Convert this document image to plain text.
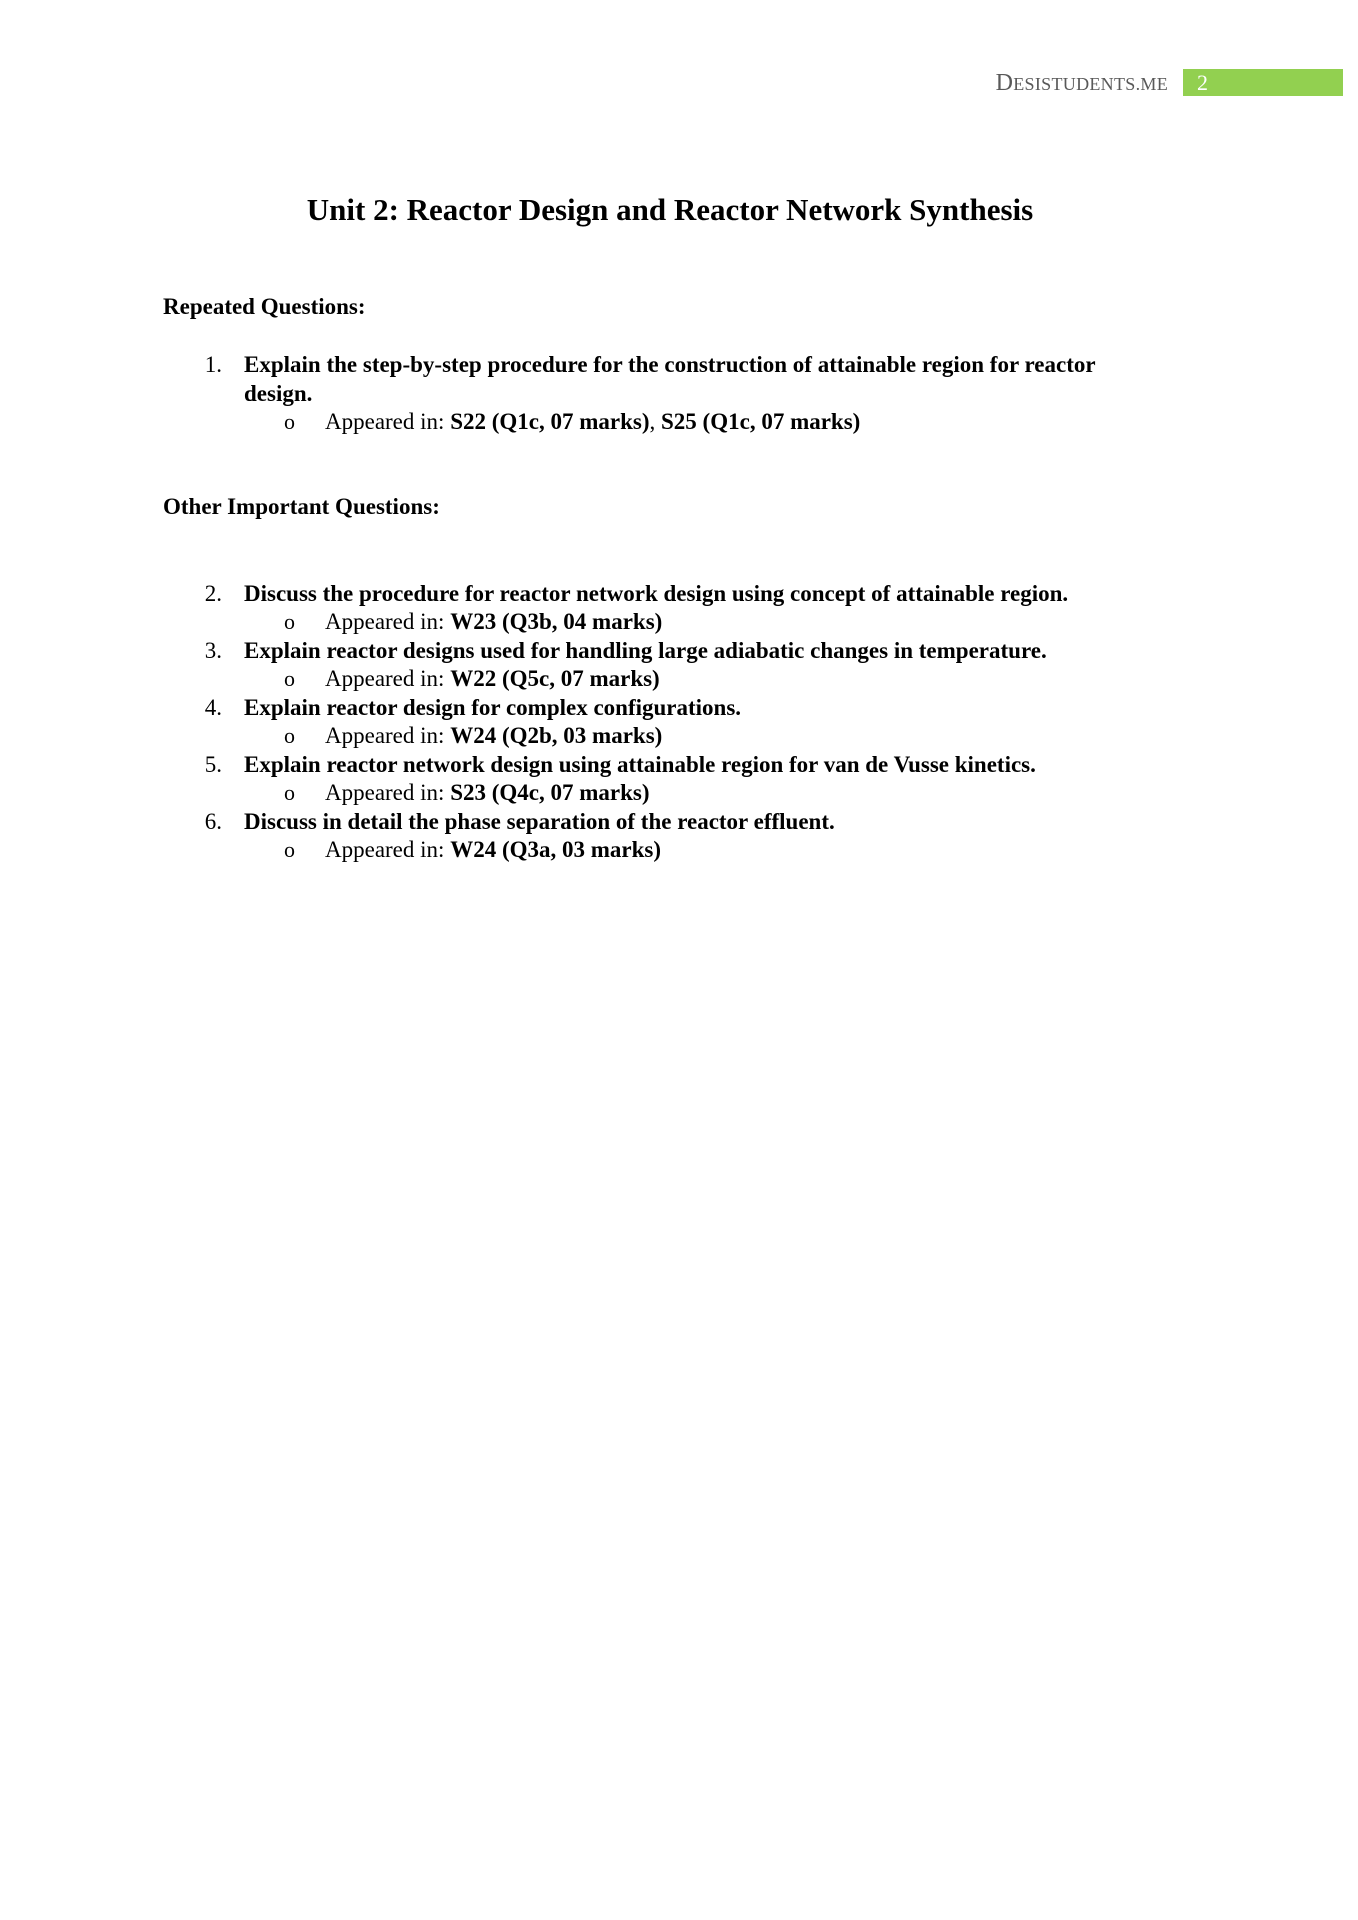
DESISTUDENTS.ME	2
Unit 2: Reactor Design and Reactor Network Synthesis
Repeated Questions:
1. Explain the step-by-step procedure for the construction of attainable region for reactor
design.
o Appeared in: S22 (Q1c, 07 marks), S25 (Q1c, 07 marks)
Other Important Questions:
2. Discuss the procedure for reactor network design using concept of attainable region.
o Appeared in: W23 (Q3b, 04 marks)
3. Explain reactor designs used for handling large adiabatic changes in temperature.
o Appeared in: W22 (Q5c, 07 marks)
4. Explain reactor design for complex configurations.
o Appeared in: W24 (Q2b, 03 marks)
5. Explain reactor network design using attainable region for van de Vusse kinetics.
o Appeared in: S23 (Q4c, 07 marks)
6. Discuss in detail the phase separation of the reactor effluent.
o Appeared in: W24 (Q3a, 03 marks)
